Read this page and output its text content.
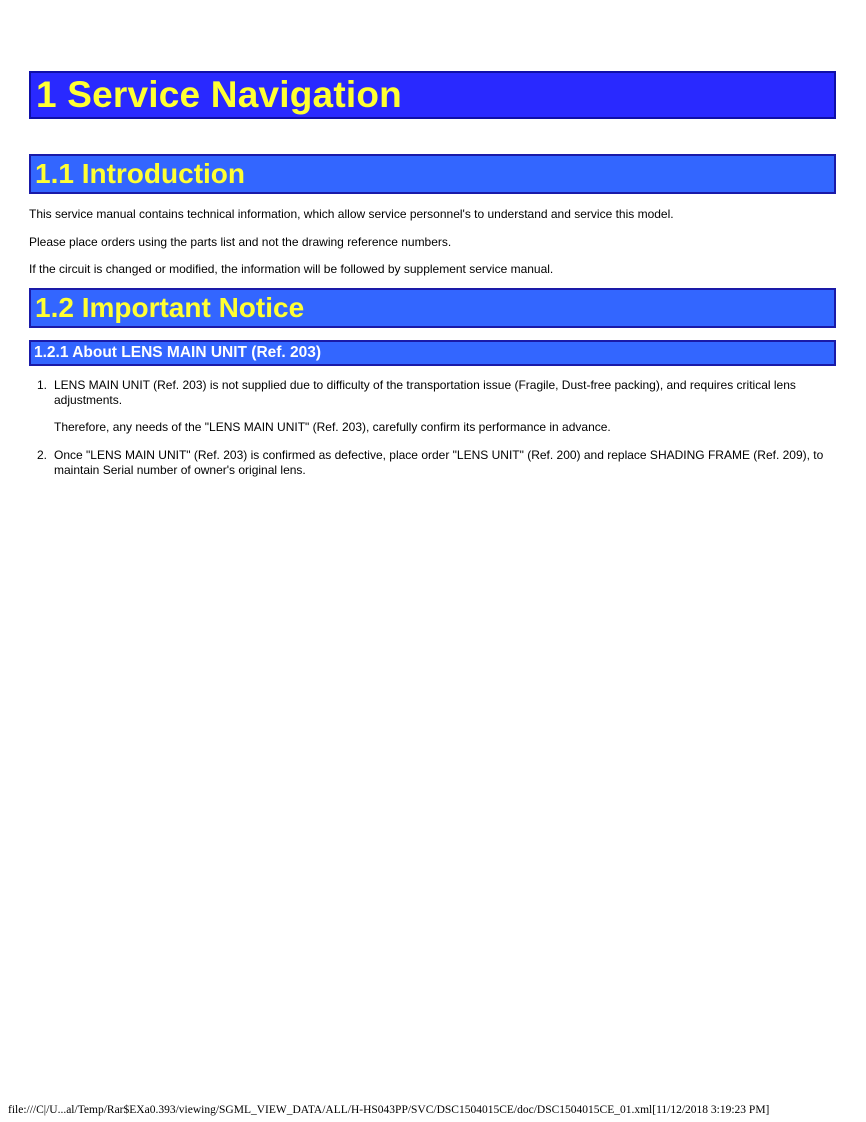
1 Service Navigation
1.1 Introduction

This service manual contains technical information, which allow service personnel's to understand and service this model.

Please place orders using the parts list and not the drawing reference numbers.

If the circuit is changed or modified, the information will be followed by supplement service manual.

1.2 Important Notice
1.2.1 About LENS MAIN UNIT (Ref. 203)
1. LENS MAIN UNIT (Ref. 203) is not supplied due to difficulty of the transportation issue (Fragile, Dust-free packing), and requires critical lens adjustments.
Therefore, any needs of the "LENS MAIN UNIT" (Ref. 203), carefully confirm its performance in advance.
2. Once "LENS MAIN UNIT" (Ref. 203) is confirmed as defective, place order "LENS UNIT" (Ref. 200) and replace SHADING FRAME (Ref. 209), to maintain Serial number of owner's original lens.
file:///C|/U...al/Temp/Rar$EXa0.393/viewing/SGML_VIEW_DATA/ALL/H-HS043PP/SVC/DSC1504015CE/doc/DSC1504015CE_01.xml[11/12/2018 3:19:23 PM]
